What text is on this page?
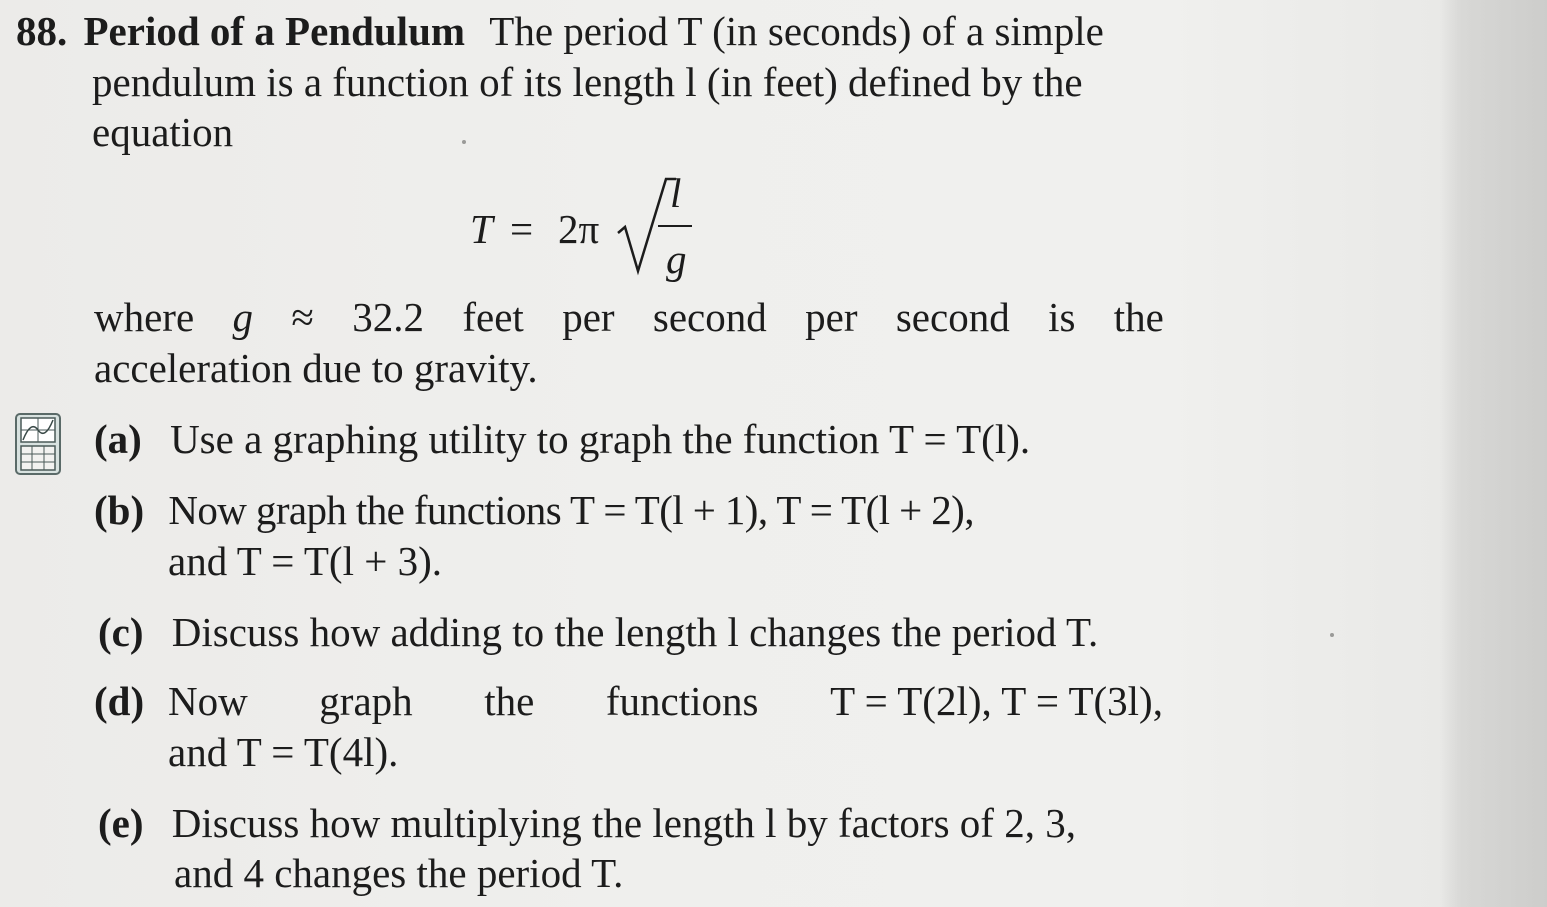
88. Period of a Pendulum The period T (in seconds) of a simple
pendulum is a function of its length l (in feet) defined by the
equation
T = 2π
l
g
where g ≈ 32.2 feet per second per second is the
acceleration due to gravity.
(a) Use a graphing utility to graph the function T = T(l).
(b) Now graph the functions T = T(l + 1), T = T(l + 2),
and T = T(l + 3).
(c) Discuss how adding to the length l changes the period T.
(d) Now graph the functions T = T(2l), T = T(3l),
and T = T(4l).
(e) Discuss how multiplying the length l by factors of 2, 3,
and 4 changes the period T.
